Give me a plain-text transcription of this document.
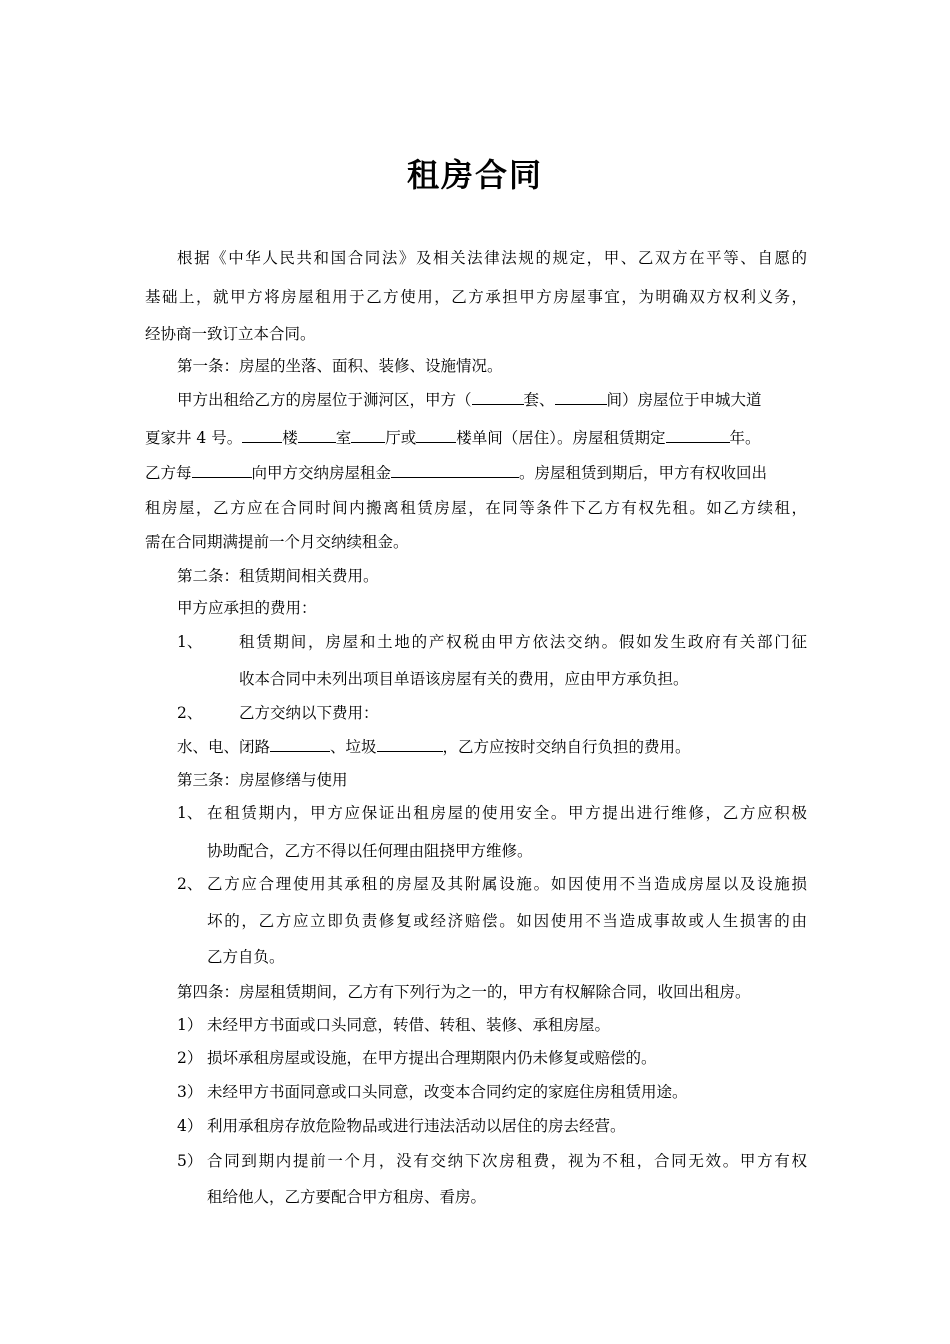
租房合同

根据《中华人民共和国合同法》及相关法律法规的规定，甲、乙双方在平等、自愿的

基础上，就甲方将房屋租用于乙方使用，乙方承担甲方房屋事宜，为明确双方权利义务，

经协商一致订立本合同。

第一条：房屋的坐落、面积、装修、设施情况。

甲方出租给乙方的房屋位于浉河区，甲方（	套、	间）房屋位于申城大道

夏家井 4 号。	楼 室 厅或	楼单间（居住）。房屋租赁期定	年。

乙方每	向甲方交纳房屋租金	。房屋租赁到期后，甲方有权收回出

租房屋，乙方应在合同时间内搬离租赁房屋，在同等条件下乙方有权先租。如乙方续租，

需在合同期满提前一个月交纳续租金。

第二条：租赁期间相关费用。

甲方应承担的费用：

1、 租赁期间，房屋和土地的产权税由甲方依法交纳。假如发生政府有关部门征

收本合同中未列出项目单语该房屋有关的费用，应由甲方承负担。

2、 乙方交纳以下费用：

水、电、闭路	、垃圾	，乙方应按时交纳自行负担的费用。

第三条：房屋修缮与使用

1、 在租赁期内，甲方应保证出租房屋的使用安全。甲方提出进行维修，乙方应积极

协助配合，乙方不得以任何理由阻挠甲方维修。

2、 乙方应合理使用其承租的房屋及其附属设施。如因使用不当造成房屋以及设施损

坏的，乙方应立即负责修复或经济赔偿。如因使用不当造成事故或人生损害的由

乙方自负。

第四条：房屋租赁期间，乙方有下列行为之一的，甲方有权解除合同，收回出租房。

1） 未经甲方书面或口头同意，转借、转租、装修、承租房屋。

2） 损坏承租房屋或设施，在甲方提出合理期限内仍未修复或赔偿的。

3） 未经甲方书面同意或口头同意，改变本合同约定的家庭住房租赁用途。

4） 利用承租房存放危险物品或进行违法活动以居住的房去经营。

5） 合同到期内提前一个月，没有交纳下次房租费，视为不租，合同无效。甲方有权

租给他人，乙方要配合甲方租房、看房。
